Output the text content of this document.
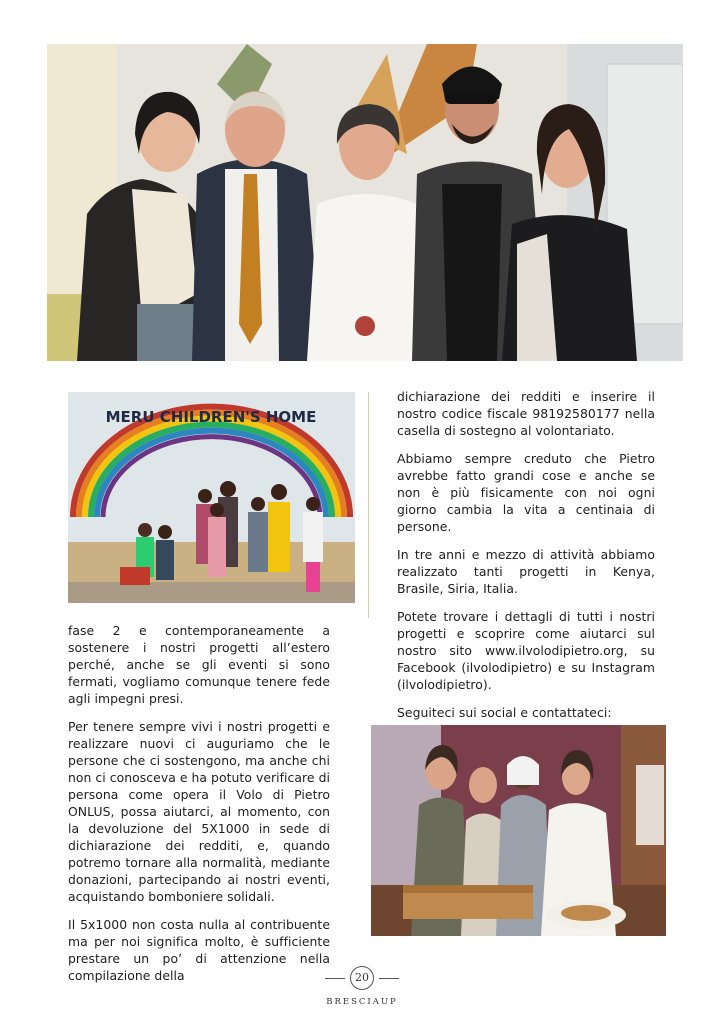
MERU CHILDREN'S HOME

fase 2 e contemporaneamente a sostenere i nostri progetti all’estero perché, anche se gli eventi si sono fermati, vogliamo comunque tenere fede agli impegni presi.

Per tenere sempre vivi i nostri progetti e realizzare nuovi ci auguriamo che le persone che ci sostengono, ma anche chi non ci conosceva e ha potuto verificare di persona come opera il Volo di Pietro ONLUS, possa aiutarci, al momento, con la devoluzione del 5X1000 in sede di dichiarazione dei redditi, e, quando potremo tornare alla normalità, mediante donazioni, partecipando ai nostri eventi, acquistando bomboniere solidali.

Il 5x1000 non costa nulla al contribuente ma per noi significa molto, è sufficiente prestare un po’ di attenzione nella compilazione della

dichiarazione dei redditi e inserire il nostro codice fiscale 98192580177 nella casella di sostegno al volontariato.

Abbiamo sempre creduto che Pietro avrebbe fatto grandi cose e anche se non è più fisicamente con noi ogni giorno cambia la vita a centinaia di persone.

In tre anni e mezzo di attività abbiamo realizzato tanti progetti in Kenya, Brasile, Siria, Italia.

Potete trovare i dettagli di tutti i nostri progetti e scoprire come aiutarci sul nostro sito www.ilvolodipietro.org, su Facebook (ilvolodipietro) e su Instagram (ilvolodipietro).

Seguiteci sui social e contattateci:

20
BRESCIAUP
